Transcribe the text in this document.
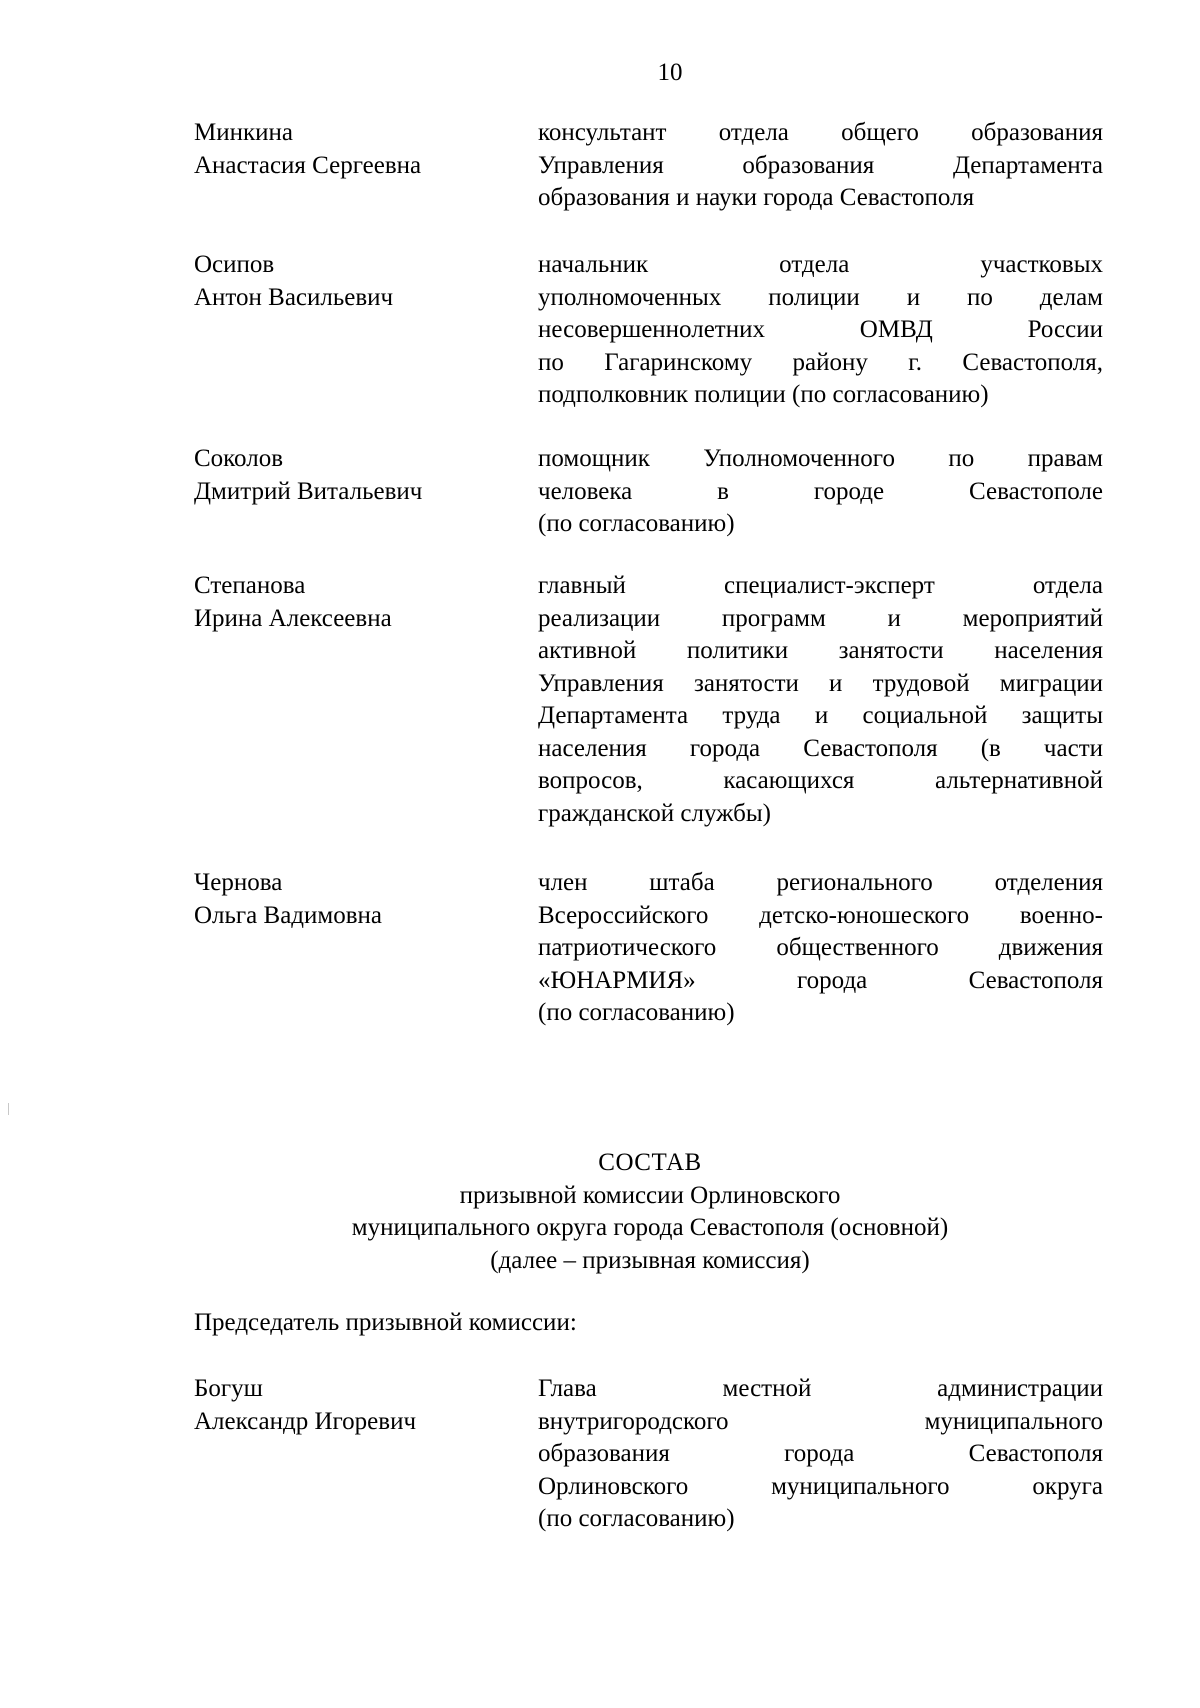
10
Минкина
Анастасия Сергеевна
консультант отдела общего образования
Управления образования Департамента
образования и науки города Севастополя
Осипов
Антон Васильевич
начальник отдела участковых
уполномоченных полиции и по делам
несовершеннолетних ОМВД России
по Гагаринскому району г. Севастополя,
подполковник полиции (по согласованию)
Соколов
Дмитрий Витальевич
помощник Уполномоченного по правам
человека в городе Севастополе
(по согласованию)
Степанова
Ирина Алексеевна
главный специалист-эксперт отдела
реализации программ и мероприятий
активной политики занятости населения
Управления занятости и трудовой миграции
Департамента труда и социальной защиты
населения города Севастополя (в части
вопросов, касающихся альтернативной
гражданской службы)
Чернова
Ольга Вадимовна
член штаба регионального отделения
Всероссийского детско-юношеского военно-
патриотического общественного движения
«ЮНАРМИЯ» города Севастополя
(по согласованию)
СОСТАВ
призывной комиссии Орлиновского
муниципального округа города Севастополя (основной)
(далее – призывная комиссия)
Председатель призывной комиссии:
Богуш
Александр Игоревич
Глава местной администрации
внутригородского муниципального
образования города Севастополя
Орлиновского муниципального округа
(по согласованию)
